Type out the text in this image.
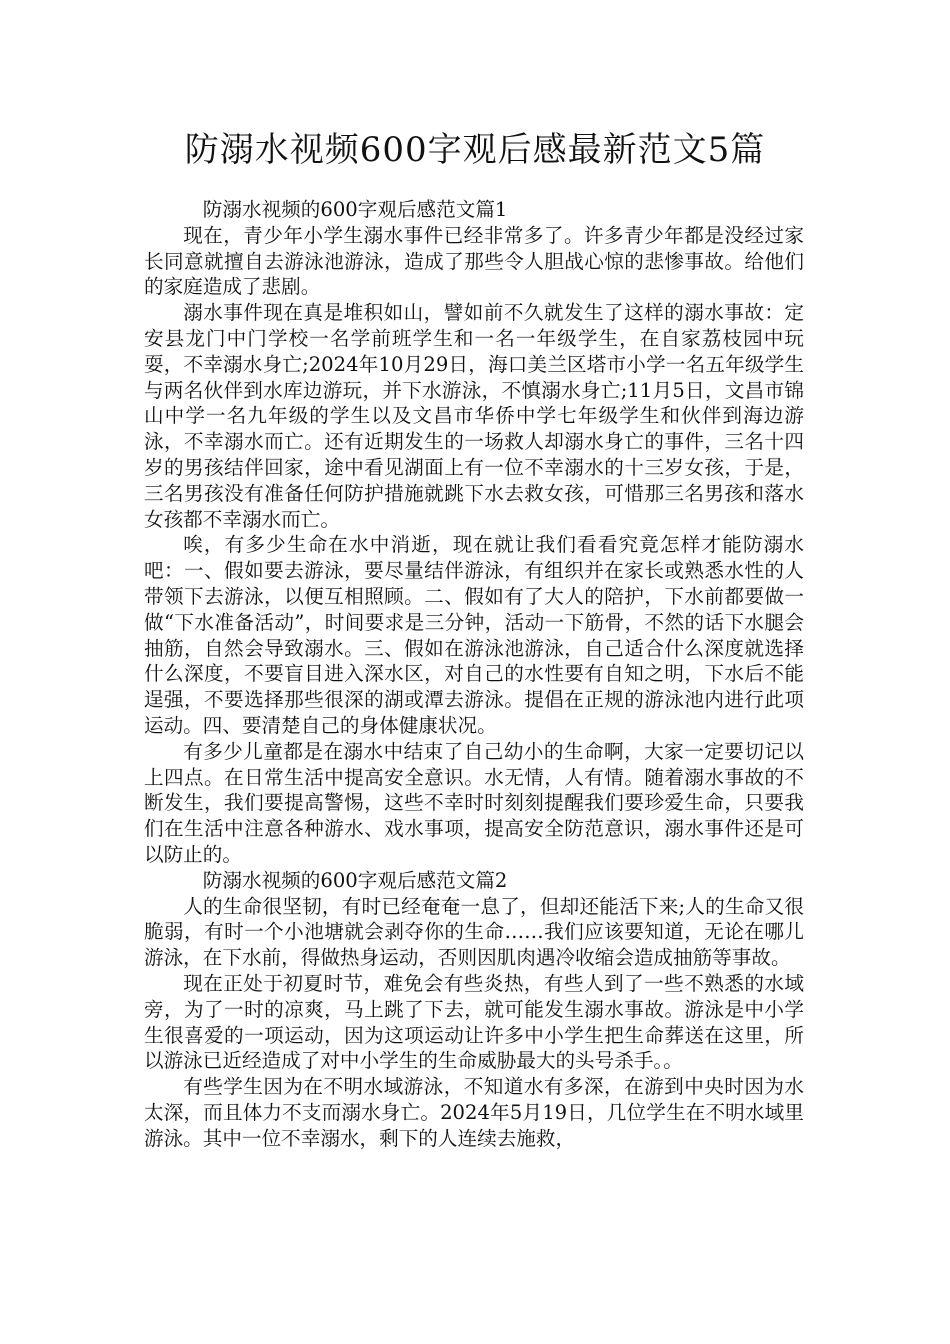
防溺水视频600字观后感最新范文5篇

防溺水视频的600字观后感范文篇1

现在，青少年小学生溺水事件已经非常多了。许多青少年都是没经过家长同意就擅自去游泳池游泳，造成了那些令人胆战心惊的悲惨事故。给他们的家庭造成了悲剧。

溺水事件现在真是堆积如山，譬如前不久就发生了这样的溺水事故：定安县龙门中门学校一名学前班学生和一名一年级学生，在自家荔枝园中玩耍，不幸溺水身亡;2024年10月29日，海口美兰区塔市小学一名五年级学生与两名伙伴到水库边游玩，并下水游泳，不慎溺水身亡;11月5日，文昌市锦山中学一名九年级的学生以及文昌市华侨中学七年级学生和伙伴到海边游泳，不幸溺水而亡。还有近期发生的一场救人却溺水身亡的事件，三名十四岁的男孩结伴回家，途中看见湖面上有一位不幸溺水的十三岁女孩，于是，三名男孩没有准备任何防护措施就跳下水去救女孩，可惜那三名男孩和落水女孩都不幸溺水而亡。

唉，有多少生命在水中消逝，现在就让我们看看究竟怎样才能防溺水吧：一、假如要去游泳，要尽量结伴游泳，有组织并在家长或熟悉水性的人带领下去游泳，以便互相照顾。二、假如有了大人的陪护，下水前都要做一做“下水准备活动”，时间要求是三分钟，活动一下筋骨，不然的话下水腿会抽筋，自然会导致溺水。三、假如在游泳池游泳，自己适合什么深度就选择什么深度，不要盲目进入深水区，对自己的水性要有自知之明，下水后不能逞强，不要选择那些很深的湖或潭去游泳。提倡在正规的游泳池内进行此项运动。四、要清楚自己的身体健康状况。

有多少儿童都是在溺水中结束了自己幼小的生命啊，大家一定要切记以上四点。在日常生活中提高安全意识。水无情，人有情。随着溺水事故的不断发生，我们要提高警惕，这些不幸时时刻刻提醒我们要珍爱生命，只要我们在生活中注意各种游水、戏水事项，提高安全防范意识，溺水事件还是可以防止的。

防溺水视频的600字观后感范文篇2

人的生命很坚韧，有时已经奄奄一息了，但却还能活下来;人的生命又很脆弱，有时一个小池塘就会剥夺你的生命……我们应该要知道，无论在哪儿游泳，在下水前，得做热身运动，否则因肌肉遇冷收缩会造成抽筋等事故。

现在正处于初夏时节，难免会有些炎热，有些人到了一些不熟悉的水域旁，为了一时的凉爽，马上跳了下去，就可能发生溺水事故。游泳是中小学生很喜爱的一项运动，因为这项运动让许多中小学生把生命葬送在这里，所以游泳已近经造成了对中小学生的生命威胁最大的头号杀手。。

有些学生因为在不明水域游泳，不知道水有多深，在游到中央时因为水太深，而且体力不支而溺水身亡。2024年5月19日，几位学生在不明水域里游泳。其中一位不幸溺水，剩下的人连续去施救，
